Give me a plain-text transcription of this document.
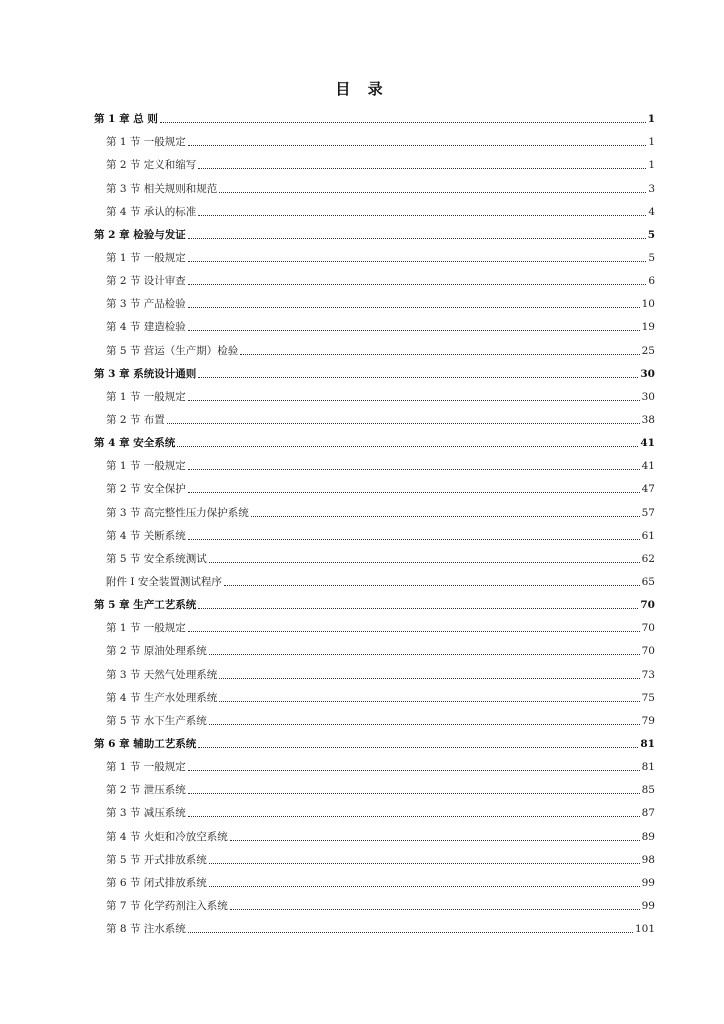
目 录
第 1 章 总 则	1
第 1 节 一般规定	1
第 2 节 定义和缩写	1
第 3 节 相关规则和规范	3
第 4 节 承认的标准	4
第 2 章 检验与发证	5
第 1 节 一般规定	5
第 2 节 设计审查	6
第 3 节 产品检验	10
第 4 节 建造检验	19
第 5 节 营运（生产期）检验	25
第 3 章 系统设计通则	30
第 1 节 一般规定	30
第 2 节 布置	38
第 4 章 安全系统	41
第 1 节 一般规定	41
第 2 节 安全保护	47
第 3 节 高完整性压力保护系统	57
第 4 节 关断系统	61
第 5 节 安全系统测试	62
附件 I 安全装置测试程序	65
第 5 章 生产工艺系统	70
第 1 节 一般规定	70
第 2 节 原油处理系统	70
第 3 节 天然气处理系统	73
第 4 节 生产水处理系统	75
第 5 节 水下生产系统	79
第 6 章 辅助工艺系统	81
第 1 节 一般规定	81
第 2 节 泄压系统	85
第 3 节 减压系统	87
第 4 节 火炬和冷放空系统	89
第 5 节 开式排放系统	98
第 6 节 闭式排放系统	99
第 7 节 化学药剂注入系统	99
第 8 节 注水系统	101
